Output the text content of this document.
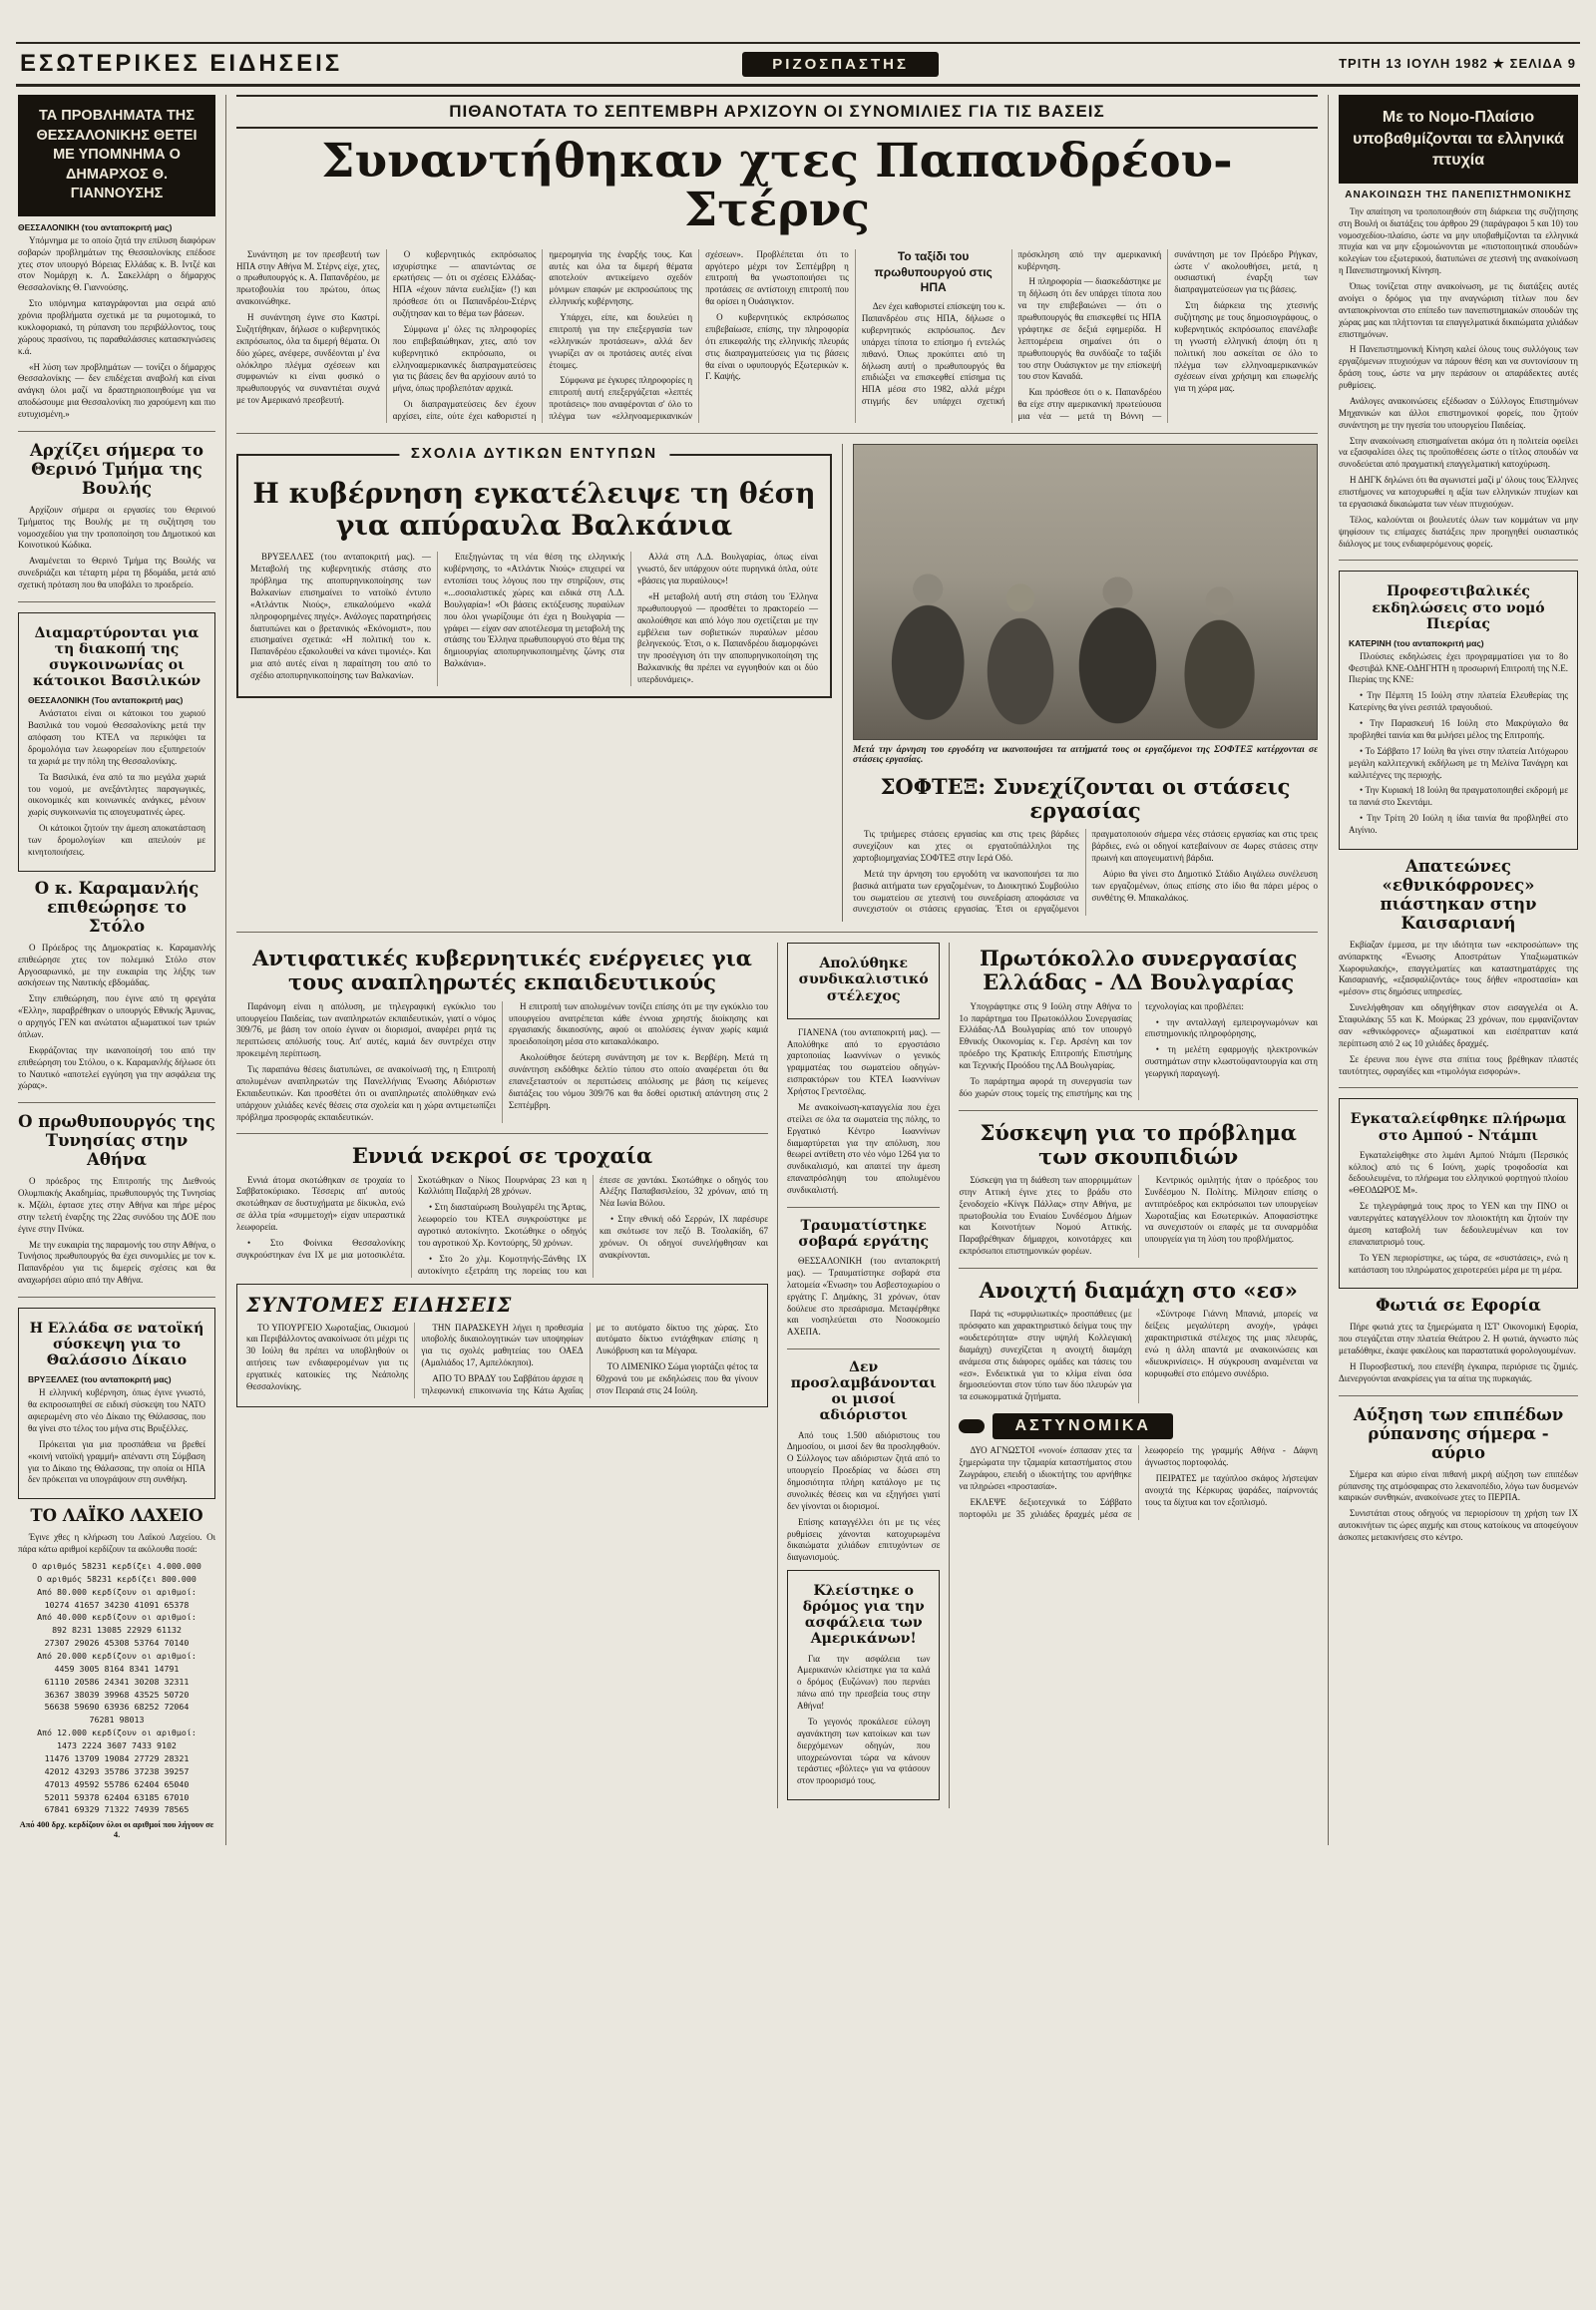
ΕΣΩΤΕΡΙΚΕΣ ΕΙΔΗΣΕΙΣ	ΡΙΖΟΣΠΑΣΤΗΣ	ΤΡΙΤΗ 13 ΙΟΥΛΗ 1982 ★ ΣΕΛΙΔΑ 9
ΤΑ ΠΡΟΒΛΗΜΑΤΑ ΤΗΣ ΘΕΣΣΑΛΟΝΙΚΗΣ ΘΕΤΕΙ ΜΕ ΥΠΟΜΝΗΜΑ Ο ΔΗΜΑΡΧΟΣ Θ. ΓΙΑΝΝΟΥΣΗΣ

ΘΕΣΣΑΛΟΝΙΚΗ (του ανταποκριτή μας)

Υπόμνημα με το οποίο ζητά την επίλυση διαφόρων σοβαρών προβλημάτων της Θεσσαλονίκης επέδοσε χτες στον υπουργό Βόρειας Ελλάδας κ. Β. Ιντζέ και στον Νομάρχη κ. Λ. Σακελλάρη ο δήμαρχος Θεσσαλονίκης Θ. Γιαννούσης.

Στο υπόμνημα καταγράφονται μια σειρά από χρόνια προβλήματα σχετικά με τα ρυμοτομικά, το κυκλοφοριακό, τη ρύπανση του περιβάλλοντος, τους χώρους πρασίνου, τις παραθαλάσσιες κατασκηνώσεις κ.ά.

«Η λύση των προβλημάτων — τονίζει ο δήμαρχος Θεσσαλονίκης — δεν επιδέχεται αναβολή και είναι ανάγκη όλοι μαζί να δραστηριοποιηθούμε για να αποδώσουμε μια Θεσσαλονίκη πιο χαρούμενη και πιο ευτυχισμένη.»

Αρχίζει σήμερα το Θερινό Τμήμα της Βουλής

Αρχίζουν σήμερα οι εργασίες του Θερινού Τμήματος της Βουλής με τη συζήτηση του νομοσχεδίου για την τροποποίηση του Δημοτικού και Κοινοτικού Κώδικα.

Αναμένεται το Θερινό Τμήμα της Βουλής να συνεδριάζει και τέταρτη μέρα τη βδομάδα, μετά από σχετική πρόταση που θα υποβάλει το προεδρείο.

Διαμαρτύρονται για τη διακοπή της συγκοινωνίας οι κάτοικοι Βασιλικών

ΘΕΣΣΑΛΟΝΙΚΗ (Του ανταποκριτή μας)

Ανάστατοι είναι οι κάτοικοι του χωριού Βασιλικά του νομού Θεσσαλονίκης μετά την απόφαση του ΚΤΕΛ να περικόψει τα δρομολόγια των λεωφορείων που εξυπηρετούν τα χωριά με την πόλη της Θεσσαλονίκης.

Τα Βασιλικά, ένα από τα πιο μεγάλα χωριά του νομού, με ανεξάντλητες παραγωγικές, οικονομικές και κοινωνικές ανάγκες, μένουν χωρίς συγκοινωνία τις απογευματινές ώρες.

Οι κάτοικοι ζητούν την άμεση αποκατάσταση των δρομολογίων και απειλούν με κινητοποιήσεις.

Ο κ. Καραμανλής επιθεώρησε το Στόλο

Ο Πρόεδρος της Δημοκρατίας κ. Καραμανλής επιθεώρησε χτες τον πολεμικό Στόλο στον Αργοσαρωνικό, με την ευκαιρία της λήξης των ασκήσεων της Ναυτικής εβδομάδας.

Στην επιθεώρηση, που έγινε από τη φρεγάτα «Έλλη», παραβρέθηκαν ο υπουργός Εθνικής Άμυνας, ο αρχηγός ΓΕΝ και ανώτατοι αξιωματικοί των τριών όπλων.

Εκφράζοντας την ικανοποίησή του από την επιθεώρηση του Στόλου, ο κ. Καραμανλής δήλωσε ότι το Ναυτικό «αποτελεί εγγύηση για την ασφάλεια της χώρας».

Ο πρωθυπουργός της Τυνησίας στην Αθήνα

Ο πρόεδρος της Επιτροπής της Διεθνούς Ολυμπιακής Ακαδημίας, πρωθυπουργός της Τυνησίας κ. Μζάλι, έφτασε χτες στην Αθήνα και πήρε μέρος στην τελετή έναρξης της 22ας συνόδου της ΔΟΕ που έγινε στην Πνύκα.

Με την ευκαιρία της παραμονής του στην Αθήνα, ο Τυνήσιος πρωθυπουργός θα έχει συνομιλίες με τον κ. Παπανδρέου για τις διμερείς σχέσεις και θα αναχωρήσει αύριο από την Αθήνα.

Η Ελλάδα σε νατοϊκή σύσκεψη για το Θαλάσσιο Δίκαιο

ΒΡΥΞΕΛΛΕΣ (του ανταποκριτή μας)

Η ελληνική κυβέρνηση, όπως έγινε γνωστό, θα εκπροσωπηθεί σε ειδική σύσκεψη του ΝΑΤΟ αφιερωμένη στο νέο Δίκαιο της Θάλασσας, που θα γίνει στο τέλος του μήνα στις Βρυξέλλες.

Πρόκειται για μια προσπάθεια να βρεθεί «κοινή νατοϊκή γραμμή» απέναντι στη Σύμβαση για το Δίκαιο της Θάλασσας, την οποία οι ΗΠΑ δεν πρόκειται να υπογράψουν στη συνθήκη.

ΤΟ ΛΑΪΚΟ ΛΑΧΕΙΟ

Έγινε χθες η κλήρωση του Λαϊκού Λαχείου. Οι πάρα κάτω αριθμοί κερδίζουν τα ακόλουθα ποσά:

Ο αριθμός 58231 κερδίζει 4.000.000
Ο αριθμός 58231 κερδίζει 800.000
Από 80.000 κερδίζουν οι αριθμοί:
10274 41657 34230 41091 65378
Από 40.000 κερδίζουν οι αριθμοί:
892 8231 13085 22929 61132
27307 29026 45308 53764 70140
Από 20.000 κερδίζουν οι αριθμοί:
4459 3005 8164 8341 14791
61110 20586 24341 30208 32311
36367 38039 39968 43525 50720
56638 59690 63936 68252 72064
76281 98013
Από 12.000 κερδίζουν οι αριθμοί:
1473 2224 3607 7433 9102
11476 13709 19084 27729 28321
42012 43293 35786 37238 39257
47013 49592 55786 62404 65040
52011 59378 62404 63185 67010
67841 69329 71322 74939 78565
Από 400 δρχ. κερδίζουν όλοι οι αριθμοί που λήγουν σε 4.
ΠΙΘΑΝΟΤΑΤΑ ΤΟ ΣΕΠΤΕΜΒΡΗ ΑΡΧΙΖΟΥΝ ΟΙ ΣΥΝΟΜΙΛΙΕΣ ΓΙΑ ΤΙΣ ΒΑΣΕΙΣ
Συναντήθηκαν χτες Παπανδρέου-Στέρνς

Συνάντηση με τον πρεσβευτή των ΗΠΑ στην Αθήνα Μ. Στέρνς είχε, χτες, ο πρωθυπουργός κ. Α. Παπανδρέου, με πρωτοβουλία του πρώτου, όπως ανακοινώθηκε.

Η συνάντηση έγινε στο Καστρί. Συζητήθηκαν, δήλωσε ο κυβερνητικός εκπρόσωπος, όλα τα διμερή θέματα. Οι δύο χώρες, ανέφερε, συνδέονται μ' ένα ολόκληρο πλέγμα σχέσεων και συμφωνιών κι είναι φυσικό ο πρωθυπουργός να συναντιέται συχνά με τον Αμερικανό πρεσβευτή.

Ο κυβερνητικός εκπρόσωπος ισχυρίστηκε — απαντώντας σε ερωτήσεις — ότι οι σχέσεις Ελλάδας-ΗΠΑ «έχουν πάντα ευελιξία» (!) και πρόσθεσε ότι οι Παπανδρέου-Στέρνς συζήτησαν και το θέμα των βάσεων.

Σύμφωνα μ' όλες τις πληροφορίες που επιβεβαιώθηκαν, χτες, από τον κυβερνητικό εκπρόσωπο, οι ελληνοαμερικανικές διαπραγματεύσεις για τις βάσεις δεν θα αρχίσουν αυτό το μήνα, όπως προβλεπόταν αρχικά.

Οι διαπραγματεύσεις δεν έχουν αρχίσει, είπε, ούτε έχει καθοριστεί η ημερομηνία της έναρξής τους. Και αυτές και όλα τα διμερή θέματα αποτελούν αντικείμενο σχεδόν μόνιμων επαφών με εκπροσώπους της ελληνικής κυβέρνησης.

Υπάρχει, είπε, και δουλεύει η επιτροπή για την επεξεργασία των «ελληνικών προτάσεων», αλλά δεν γνωρίζει αν οι προτάσεις αυτές είναι έτοιμες.

Σύμφωνα με έγκυρες πληροφορίες η επιτροπή αυτή επεξεργάζεται «λεπτές προτάσεις» που αναφέρονται σ' όλο το πλέγμα των «ελληνοαμερικανικών σχέσεων». Προβλέπεται ότι το αργότερο μέχρι τον Σεπτέμβρη η επιτροπή θα γνωστοποιήσει τις προτάσεις σε αντίστοιχη επιτροπή που θα ορίσει η Ουάσιγκτον.

Ο κυβερνητικός εκπρόσωπος επιβεβαίωσε, επίσης, την πληροφορία ότι επικεφαλής της ελληνικής πλευράς στις διαπραγματεύσεις για τις βάσεις θα είναι ο υφυπουργός Εξωτερικών κ. Γ. Καψής.

Το ταξίδι του πρωθυπουργού στις ΗΠΑ

Δεν έχει καθοριστεί επίσκεψη του κ. Παπανδρέου στις ΗΠΑ, δήλωσε ο κυβερνητικός εκπρόσωπος. Δεν υπάρχει τίποτα το επίσημο ή εντελώς πιθανό. Όπως προκύπτει από τη δήλωση αυτή ο πρωθυπουργός θα επιδιώξει να επισκεφθεί επίσημα τις ΗΠΑ μέσα στο 1982, αλλά μέχρι στιγμής δεν υπάρχει σχετική πρόσκληση από την αμερικανική κυβέρνηση.

Η πληροφορία — διασκεδάστηκε με τη δήλωση ότι δεν υπάρχει τίποτα που να την επιβεβαιώνει — ότι ο πρωθυπουργός θα επισκεφθεί τις ΗΠΑ γράφτηκε σε δεξιά εφημερίδα. Η λεπτομέρεια σημαίνει ότι ο πρωθυπουργός θα συνδύαζε το ταξίδι του στην Ουάσιγκτον με την επίσκεψή του στον Καναδά.

Και πρόσθεσε ότι ο κ. Παπανδρέου θα είχε στην αμερικανική πρωτεύουσα μια νέα — μετά τη Βόννη — συνάντηση με τον Πρόεδρο Ρήγκαν, ώστε ν' ακολουθήσει, μετά, η ουσιαστική έναρξη των διαπραγματεύσεων για τις βάσεις.

Στη διάρκεια της χτεσινής συζήτησης με τους δημοσιογράφους, ο κυβερνητικός εκπρόσωπος επανέλαβε τη γνωστή ελληνική άποψη ότι η πολιτική που ασκείται σε όλο το πλέγμα των ελληνοαμερικανικών σχέσεων είναι χρήσιμη και επωφελής για τη χώρα μας.

ΣΧΟΛΙΑ ΔΥΤΙΚΩΝ ΕΝΤΥΠΩΝ
Η κυβέρνηση εγκατέλειψε τη θέση για απύραυλα Βαλκάνια

ΒΡΥΞΕΛΛΕΣ (του ανταποκριτή μας). — Μεταβολή της κυβερνητικής στάσης στο πρόβλημα της αποπυρηνικοποίησης των Βαλκανίων επισημαίνει το νατοϊκό έντυπο «Ατλάντικ Νιούς», επικαλούμενο «καλά πληροφορημένες πηγές». Ανάλογες παρατηρήσεις διατυπώνει και ο βρετανικός «Εκόνομιστ», που επισημαίνει σχετικά: «Η πολιτική του κ. Παπανδρέου εξακολουθεί να κάνει τιμονιές». Και μια από αυτές είναι η παραίτηση του από το σχέδιο αποπυρηνικοποίησης των Βαλκανίων.

Επεξηγώντας τη νέα θέση της ελληνικής κυβέρνησης, το «Ατλάντικ Νιούς» επιχειρεί να εντοπίσει τους λόγους που την στηρίζουν, στις «...σοσιαλιστικές χώρες και ειδικά στη Λ.Δ. Βουλγαρία»! «Οι βάσεις εκτόξευσης πυραύλων που όλοι γνωρίζουμε ότι έχει η Βουλγαρία — γράφει — είχαν σαν αποτέλεσμα τη μεταβολή της στάσης του Έλληνα πρωθυπουργού στο θέμα της δημιουργίας αποπυρηνικοποιημένης ζώνης στα Βαλκάνια».

Αλλά στη Λ.Δ. Βουλγαρίας, όπως είναι γνωστό, δεν υπάρχουν ούτε πυρηνικά όπλα, ούτε «βάσεις για πυραύλους»!

«Η μεταβολή αυτή στη στάση του Έλληνα πρωθυπουργού — προσθέτει το πρακτορείο — ακολούθησε και από λόγο που σχετίζεται με την εμβέλεια των σοβιετικών πυραύλων μέσου βεληνεκούς. Έτσι, ο κ. Παπανδρέου διαμορφώνει την προσέγγιση ότι την αποπυρηνικοποίηση της Βαλκανικής θα πρέπει να εγγυηθούν και οι δύο υπερδυνάμεις».

Μετά την άρνηση του εργοδότη να ικανοποιήσει τα αιτήματά τους οι εργαζόμενοι της ΣΟΦΤΕΞ κατέρχονται σε στάσεις εργασίας.
ΣΟΦΤΕΞ: Συνεχίζονται οι στάσεις εργασίας

Τις τριήμερες στάσεις εργασίας και στις τρεις βάρδιες συνεχίζουν και χτες οι εργατοϋπάλληλοι της χαρτοβιομηχανίας ΣΟΦΤΕΞ στην Ιερά Οδό.

Μετά την άρνηση του εργοδότη να ικανοποιήσει τα πιο βασικά αιτήματα των εργαζομένων, το Διοικητικό Συμβούλιο του σωματείου σε χτεσινή του συνεδρίαση αποφάσισε να συνεχιστούν οι στάσεις εργασίας. Έτσι οι εργαζόμενοι πραγματοποιούν σήμερα νέες στάσεις εργασίας και στις τρεις βάρδιες, ενώ οι οδηγοί κατεβαίνουν σε 4ωρες στάσεις στην πρωινή και απογευματινή βάρδια.

Αύριο θα γίνει στο Δημοτικό Στάδιο Αιγάλεω συνέλευση των εργαζομένων, όπως επίσης στο ίδιο θα πάρει μέρος ο συνθέτης Θ. Μπακαλάκος.

Αντιφατικές κυβερνητικές ενέργειες για τους αναπληρωτές εκπαιδευτικούς

Παράνομη είναι η απόλυση, με τηλεγραφική εγκύκλιο του υπουργείου Παιδείας, των αναπληρωτών εκπαιδευτικών, γιατί ο νόμος 309/76, με βάση τον οποίο έγιναν οι διορισμοί, αναφέρει ρητά τις περιπτώσεις απόλυσής τους. Απ' αυτές, καμιά δεν συντρέχει στην προκειμένη περίπτωση.

Τις παραπάνω θέσεις διατυπώνει, σε ανακοίνωσή της, η Επιτροπή απολυμένων αναπληρωτών της Πανελλήνιας Ένωσης Αδιόριστων Εκπαιδευτικών. Και προσθέτει ότι οι αναπληρωτές απολύθηκαν ενώ υπάρχουν χιλιάδες κενές θέσεις στα σχολεία και η χώρα αντιμετωπίζει πρόβλημα προσφοράς εκπαιδευτικών.

Η επιτροπή των απολυμένων τονίζει επίσης ότι με την εγκύκλιο του υπουργείου ανατρέπεται κάθε έννοια χρηστής διοίκησης και εργασιακής δικαιοσύνης, αφού οι απολύσεις έγιναν χωρίς καμιά προειδοποίηση μέσα στο κατακαλόκαιρο.

Ακολούθησε δεύτερη συνάντηση με τον κ. Βερβέρη. Μετά τη συνάντηση εκδόθηκε δελτίο τύπου στο οποίο αναφέρεται ότι θα επανεξεταστούν οι περιπτώσεις απόλυσης με βάση τις κείμενες διατάξεις του νόμου 309/76 και θα δοθεί οριστική απάντηση στις 2 Σεπτέμβρη.

Εννιά νεκροί σε τροχαία

Εννιά άτομα σκοτώθηκαν σε τροχαία το Σαββατοκύριακο. Τέσσερις απ' αυτούς σκοτώθηκαν σε δυστυχήματα με δίκυκλα, ενώ σε άλλα τρία «συμμετοχή» είχαν υπεραστικά λεωφορεία.

• Στο Φοίνικα Θεσσαλονίκης συγκρούστηκαν ένα ΙΧ με μια μοτοσικλέτα. Σκοτώθηκαν ο Νίκος Πουρνάρας 23 και η Καλλιόπη Παζαρλή 28 χρόνων.

• Στη διασταύρωση Βουλγαρέλι της Άρτας, λεωφορείο του ΚΤΕΛ συγκρούστηκε με αγροτικό αυτοκίνητο. Σκοτώθηκε ο οδηγός του αγροτικού Χρ. Κοντούρης, 50 χρόνων.

• Στο 2ο χλμ. Κομοτηνής-Ξάνθης ΙΧ αυτοκίνητο εξετράπη της πορείας του και έπεσε σε χαντάκι. Σκοτώθηκε ο οδηγός του Αλέξης Παπαβασιλείου, 32 χρόνων, από τη Νέα Ιωνία Βόλου.

• Στην εθνική οδό Σερρών, ΙΧ παρέσυρε και σκότωσε τον πεζό Β. Τσολακίδη, 67 χρόνων. Οι οδηγοί συνελήφθησαν και ανακρίνονται.

ΣΥΝΤΟΜΕΣ ΕΙΔΗΣΕΙΣ

ΤΟ ΥΠΟΥΡΓΕΙΟ Χωροταξίας, Οικισμού και Περιβάλλοντος ανακοίνωσε ότι μέχρι τις 30 Ιούλη θα πρέπει να υποβληθούν οι αιτήσεις των ενδιαφερομένων για τις εργατικές κατοικίες της Νεάπολης Θεσσαλονίκης.

ΤΗΝ ΠΑΡΑΣΚΕΥΗ λήγει η προθεσμία υποβολής δικαιολογητικών των υποψηφίων για τις σχολές μαθητείας του ΟΑΕΔ (Αμαλιάδος 17, Αμπελόκηποι).

ΑΠΟ ΤΟ ΒΡΑΔΥ του Σαββάτου άρχισε η τηλεφωνική επικοινωνία της Κάτω Αχαΐας με το αυτόματο δίκτυο της χώρας. Στο αυτόματο δίκτυο εντάχθηκαν επίσης η Λυκόβρυση και τα Μέγαρα.

ΤΟ ΛΙΜΕΝΙΚΟ Σώμα γιορτάζει φέτος τα 60χρονά του με εκδηλώσεις που θα γίνουν στον Πειραιά στις 24 Ιούλη.

Απολύθηκε συνδικαλιστικό στέλεχος

ΓΙΑΝΕΝΑ (του ανταποκριτή μας). — Απολύθηκε από το εργοστάσιο χαρτοποιίας Ιωαννίνων ο γενικός γραμματέας του σωματείου οδηγών-εισπρακτόρων του ΚΤΕΛ Ιωαννίνων Χρήστος Γρεντσέλας.

Με ανακοίνωση-καταγγελία που έχει στείλει σε όλα τα σωματεία της πόλης, το Εργατικό Κέντρο Ιωαννίνων διαμαρτύρεται για την απόλυση, που θεωρεί αντίθετη στο νέο νόμο 1264 για το συνδικαλισμό, και απαιτεί την άμεση επαναπρόσληψη του απολυμένου συνδικαλιστή.

Τραυματίστηκε σοβαρά εργάτης

ΘΕΣΣΑΛΟΝΙΚΗ (του ανταποκριτή μας). — Τραυματίστηκε σοβαρά στα λατομεία «Ένωση» του Ασβεστοχωρίου ο εργάτης Γ. Δημάκης, 31 χρόνων, όταν δούλευε στο πρεσάρισμα. Μεταφέρθηκε και νοσηλεύεται στο Νοσοκομείο ΑΧΕΠΑ.

Δεν προσλαμβάνονται οι μισοί αδιόριστοι

Από τους 1.500 αδιόριστους του Δημοσίου, οι μισοί δεν θα προσληφθούν. Ο Σύλλογος των αδιόριστων ζητά από το υπουργείο Προεδρίας να δώσει στη δημοσιότητα πλήρη κατάλογο με τις συνολικές θέσεις και να εξηγήσει γιατί δεν γίνονται οι διορισμοί.

Επίσης καταγγέλλει ότι με τις νέες ρυθμίσεις χάνονται κατοχυρωμένα δικαιώματα χιλιάδων επιτυχόντων σε διαγωνισμούς.

Κλείστηκε ο δρόμος για την ασφάλεια των Αμερικάνων!

Για την ασφάλεια των Αμερικανών κλείστηκε για τα καλά ο δρόμος (Ευζώνων) που περνάει πάνω από την πρεσβεία τους στην Αθήνα!

Το γεγονός προκάλεσε εύλογη αγανάκτηση των κατοίκων και των διερχόμενων οδηγών, που υποχρεώνονται τώρα να κάνουν τεράστιες «βόλτες» για να φτάσουν στον προορισμό τους.

Πρωτόκολλο συνεργασίας Ελλάδας - ΛΔ Βουλγαρίας

Υπογράφτηκε στις 9 Ιούλη στην Αθήνα το 1ο παράρτημα του Πρωτοκόλλου Συνεργασίας Ελλάδας-ΛΔ Βουλγαρίας από τον υπουργό Εθνικής Οικονομίας κ. Γερ. Αρσένη και τον πρόεδρο της Κρατικής Επιτροπής Επιστήμης και Τεχνικής Προόδου της ΛΔ Βουλγαρίας.

Το παράρτημα αφορά τη συνεργασία των δύο χωρών στους τομείς της επιστήμης και της τεχνολογίας και προβλέπει:

• την ανταλλαγή εμπειρογνωμόνων και επιστημονικής πληροφόρησης,

• τη μελέτη εφαρμογής ηλεκτρονικών συστημάτων στην κλωστοϋφαντουργία και στη γεωργική παραγωγή.

Σύσκεψη για το πρόβλημα των σκουπιδιών

Σύσκεψη για τη διάθεση των απορριμμάτων στην Αττική έγινε χτες το βράδυ στο ξενοδοχείο «Κίνγκ Πάλλας» στην Αθήνα, με πρωτοβουλία του Ενιαίου Συνδέσμου Δήμων και Κοινοτήτων Νομού Αττικής. Παραβρέθηκαν δήμαρχοι, κοινοτάρχες και εκπρόσωποι επιστημονικών φορέων.

Κεντρικός ομιλητής ήταν ο πρόεδρος του Συνδέσμου Ν. Πολίτης. Μίλησαν επίσης ο αντιπρόεδρος και εκπρόσωποι των υπουργείων Χωροταξίας και Εσωτερικών. Αποφασίστηκε να συνεχιστούν οι επαφές με τα συναρμόδια υπουργεία για τη λύση του προβλήματος.

Ανοιχτή διαμάχη στο «εσ»

Παρά τις «συμφιλιωτικές» προσπάθειες (με πρόσφατο και χαρακτηριστικό δείγμα τους την «ουδετερότητα» στην υψηλή Κολλεγιακή διαμάχη) συνεχίζεται η ανοιχτή διαμάχη ανάμεσα στις διάφορες ομάδες και τάσεις του «εσ». Ενδεικτικά για το κλίμα είναι όσα δημοσιεύονται στον τύπο των δύο πλευρών για τα εσωκομματικά ζητήματα.

«Σύντροφε Γιάννη Μπανιά, μπορείς να δείξεις μεγαλύτερη ανοχή», γράφει χαρακτηριστικά στέλεχος της μιας πλευράς, ενώ η άλλη απαντά με ανακοινώσεις και «διευκρινίσεις». Η σύγκρουση αναμένεται να κορυφωθεί στο επόμενο συνέδριο.

ΑΣΤΥΝΟΜΙΚΑ

ΔΥΟ ΑΓΝΩΣΤΟΙ «νονοί» έσπασαν χτες τα ξημερώματα την τζαμαρία καταστήματος στου Ζωγράφου, επειδή ο ιδιοκτήτης του αρνήθηκε να πληρώσει «προστασία».

ΕΚΛΕΨΕ δεξιοτεχνικά το Σάββατο πορτοφόλι με 35 χιλιάδες δραχμές μέσα σε λεωφορείο της γραμμής Αθήνα - Δάφνη άγνωστος πορτοφολάς.

ΠΕΙΡΑΤΕΣ με ταχύπλοο σκάφος λήστεψαν ανοιχτά της Κέρκυρας ψαράδες, παίρνοντάς τους τα δίχτυα και τον εξοπλισμό.

Με το Νομο-Πλαίσιο υποβαθμίζονται τα ελληνικά πτυχία
ΑΝΑΚΟΙΝΩΣΗ ΤΗΣ ΠΑΝΕΠΙΣΤΗΜΟΝΙΚΗΣ

Την απαίτηση να τροποποιηθούν στη διάρκεια της συζήτησης στη Βουλή οι διατάξεις του άρθρου 29 (παράγραφοι 5 και 10) του νομοσχεδίου-πλαίσιο, ώστε να μην υποβαθμίζονται τα ελληνικά πτυχία και να μην εξομοιώνονται με «πιστοποιητικά σπουδών» κολεγίων του εξωτερικού, διατυπώνει σε χτεσινή της ανακοίνωση η Πανεπιστημονική Κίνηση.

Όπως τονίζεται στην ανακοίνωση, με τις διατάξεις αυτές ανοίγει ο δρόμος για την αναγνώριση τίτλων που δεν ανταποκρίνονται στο επίπεδο των πανεπιστημιακών σπουδών της χώρας μας και πλήττονται τα επαγγελματικά δικαιώματα χιλιάδων επιστημόνων.

Η Πανεπιστημονική Κίνηση καλεί όλους τους συλλόγους των εργαζόμενων πτυχιούχων να πάρουν θέση και να συντονίσουν τη δράση τους, ώστε να μην περάσουν οι απαράδεκτες αυτές ρυθμίσεις.

Ανάλογες ανακοινώσεις εξέδωσαν ο Σύλλογος Επιστημόνων Μηχανικών και άλλοι επιστημονικοί φορείς, που ζητούν συνάντηση με την ηγεσία του υπουργείου Παιδείας.

Στην ανακοίνωση επισημαίνεται ακόμα ότι η πολιτεία οφείλει να εξασφαλίσει όλες τις προϋποθέσεις ώστε ο τίτλος σπουδών να συνοδεύεται από πραγματική επαγγελματική κατοχύρωση.

Η ΔΗΓΚ δηλώνει ότι θα αγωνιστεί μαζί μ' όλους τους Έλληνες επιστήμονες να κατοχυρωθεί η αξία των ελληνικών πτυχίων και τα εργασιακά δικαιώματα των νέων πτυχιούχων.

Τέλος, καλούνται οι βουλευτές όλων των κομμάτων να μην ψηφίσουν τις επίμαχες διατάξεις πριν προηγηθεί ουσιαστικός διάλογος με τους ενδιαφερόμενους φορείς.

Προφεστιβαλικές εκδηλώσεις στο νομό Πιερίας

ΚΑΤΕΡΙΝΗ (του ανταποκριτή μας)

Πλούσιες εκδηλώσεις έχει προγραμματίσει για το 8ο Φεστιβάλ ΚΝΕ-ΟΔΗΓΗΤΗ η προσωρινή Επιτροπή της Ν.Ε. Πιερίας της ΚΝΕ:

• Την Πέμπτη 15 Ιούλη στην πλατεία Ελευθερίας της Κατερίνης θα γίνει ρεσιτάλ τραγουδιού.

• Την Παρασκευή 16 Ιούλη στο Μακρύγιαλο θα προβληθεί ταινία και θα μιλήσει μέλος της Επιτροπής.

• Το Σάββατο 17 Ιούλη θα γίνει στην πλατεία Λιτόχωρου μεγάλη καλλιτεχνική εκδήλωση με τη Μελίνα Τανάγρη και καλλιτέχνες της περιοχής.

• Την Κυριακή 18 Ιούλη θα πραγματοποιηθεί εκδρομή με τα πανιά στο Σκεντάμι.

• Την Τρίτη 20 Ιούλη η ίδια ταινία θα προβληθεί στο Αιγίνιο.

Απατεώνες «εθνικόφρονες» πιάστηκαν στην Καισαριανή

Εκβίαζαν έμμεσα, με την ιδιότητα των «εκπροσώπων» της ανύπαρκτης «Ένωσης Αποστράτων Υπαξιωματικών Χωροφυλακής», επαγγελματίες και καταστηματάρχες της Καισαριανής, «εξασφαλίζοντάς» τους δήθεν «προστασία» και «μέσον» στις δημόσιες υπηρεσίες.

Συνελήφθησαν και οδηγήθηκαν στον εισαγγελέα οι Α. Σταφυλάκης 55 και Κ. Μούρκας 23 χρόνων, που εμφανίζονταν σαν «εθνικόφρονες» αξιωματικοί και εισέπρατταν κατά περίπτωση από 2 ως 10 χιλιάδες δραχμές.

Σε έρευνα που έγινε στα σπίτια τους βρέθηκαν πλαστές ταυτότητες, σφραγίδες και «τιμολόγια εισφορών».

Εγκαταλείφθηκε πλήρωμα στο Αμπού - Ντάμπι

Εγκαταλείφθηκε στο λιμάνι Αμπού Ντάμπι (Περσικός κόλπος) από τις 6 Ιούνη, χωρίς τροφοδοσία και δεδουλευμένα, το πλήρωμα του ελληνικού φορτηγού πλοίου «ΘΕΟΔΩΡΟΣ Μ».

Σε τηλεγράφημά τους προς το ΥΕΝ και την ΠΝΟ οι ναυτεργάτες καταγγέλλουν τον πλοιοκτήτη και ζητούν την άμεση καταβολή των δεδουλευμένων και τον επαναπατρισμό τους.

Το ΥΕΝ περιορίστηκε, ως τώρα, σε «συστάσεις», ενώ η κατάσταση του πληρώματος χειροτερεύει μέρα με τη μέρα.

Φωτιά σε Εφορία

Πήρε φωτιά χτες τα ξημερώματα η ΙΣΤ' Οικονομική Εφορία, που στεγάζεται στην πλατεία Θεάτρου 2. Η φωτιά, άγνωστο πώς μεταδόθηκε, έκαψε φακέλους και παραστατικά φορολογουμένων.

Η Πυροσβεστική, που επενέβη έγκαιρα, περιόρισε τις ζημιές. Διενεργούνται ανακρίσεις για τα αίτια της πυρκαγιάς.

Αύξηση των επιπέδων ρύπανσης σήμερα - αύριο

Σήμερα και αύριο είναι πιθανή μικρή αύξηση των επιπέδων ρύπανσης της ατμόσφαιρας στο λεκανοπέδιο, λόγω των δυσμενών καιρικών συνθηκών, ανακοίνωσε χτες το ΠΕΡΠΑ.

Συνιστάται στους οδηγούς να περιορίσουν τη χρήση των ΙΧ αυτοκινήτων τις ώρες αιχμής και στους κατοίκους να αποφεύγουν άσκοπες μετακινήσεις στο κέντρο.
